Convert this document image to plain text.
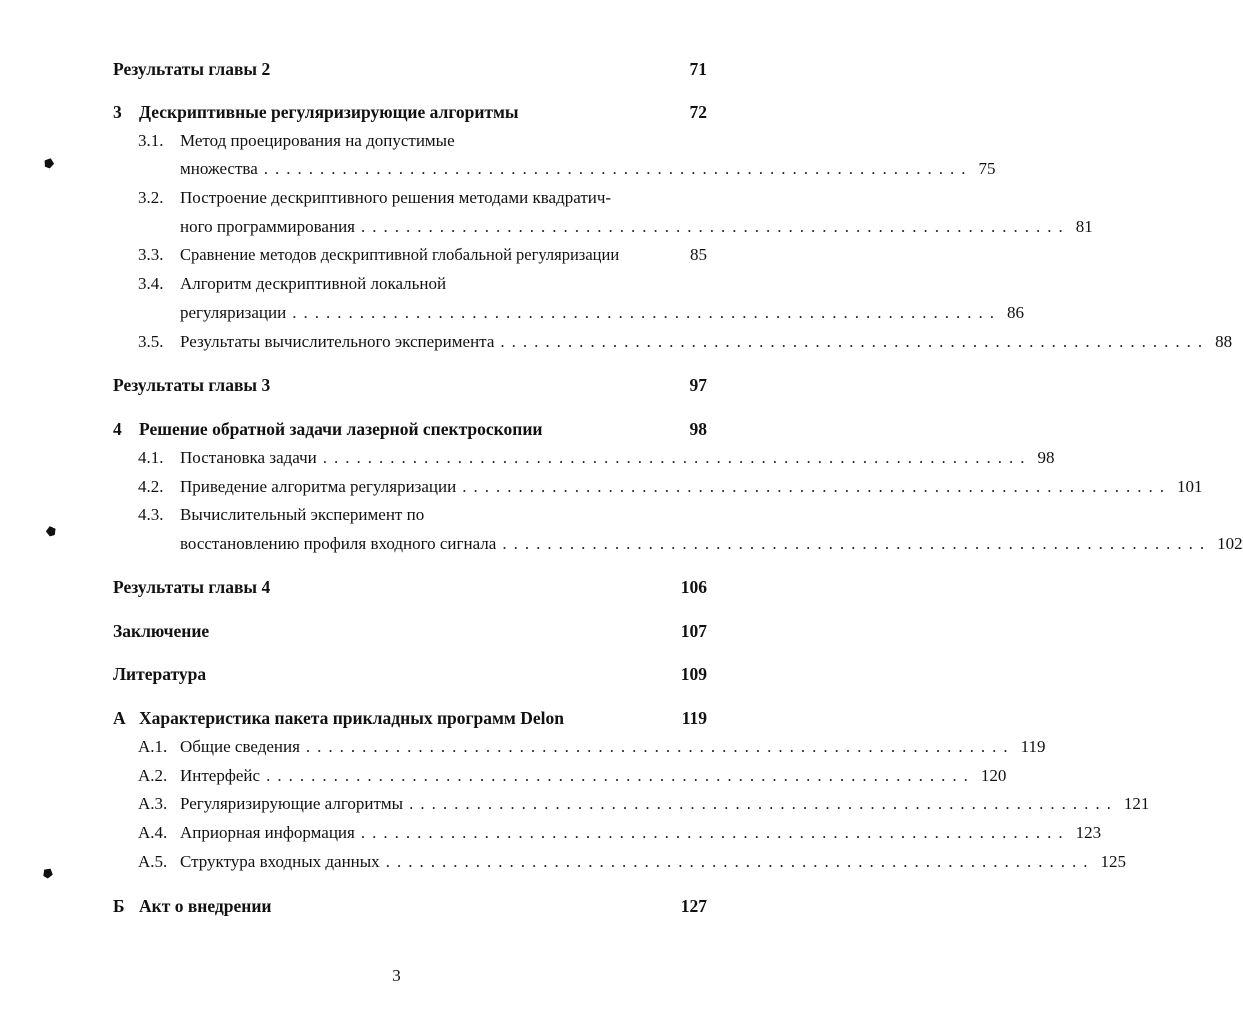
Результаты главы 2	71
3 Дескриптивные регуляризирующие алгоритмы	72
3.1. Метод проецирования на допустимые
множества ............................................................... 75
3.2. Построение дескриптивного решения методами квадратич-
ного программирования ............................................................... 81
3.3.	Сравнение методов дескриптивной глобальной регуляризации	85
3.4. Алгоритм дескриптивной локальной
регуляризации ............................................................... 86
3.5. Результаты вычислительного эксперимента ............................................................... 88
Результаты главы 3	97
4 Решение обратной задачи лазерной спектроскопии	98
4.1. Постановка задачи ............................................................... 98
4.2. Приведение алгоритма регуляризации ............................................................... 101
4.3. Вычислительный эксперимент по
восстановлению профиля входного сигнала ............................................................... 102
Результаты главы 4	106
Заключение	107
Литература	109
А Характеристика пакета прикладных программ Delon	119
А.1. Общие сведения ............................................................... 119
А.2. Интерфейс ............................................................... 120
А.3. Регуляризирующие алгоритмы ............................................................... 121
А.4. Априорная информация ............................................................... 123
А.5. Структура входных данных ............................................................... 125
Б Акт о внедрении	127
3
